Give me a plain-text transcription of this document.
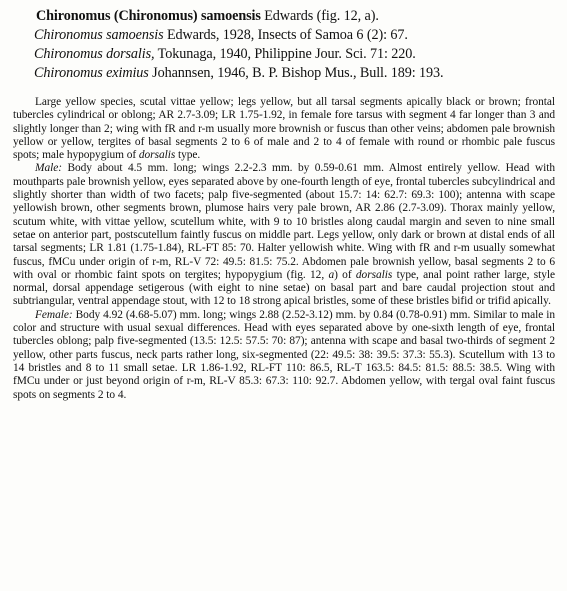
Chironomus (Chironomus) samoensis Edwards (fig. 12, a).
Chironomus samoensis Edwards, 1928, Insects of Samoa 6 (2): 67.
Chironomus dorsalis, Tokunaga, 1940, Philippine Jour. Sci. 71: 220.
Chironomus eximius Johannsen, 1946, B. P. Bishop Mus., Bull. 189: 193.

Large yellow species, scutal vittae yellow; legs yellow, but all tarsal segments apically black or brown; frontal tubercles cylindrical or oblong; AR 2.7-3.09; LR 1.75-1.92, in female fore tarsus with segment 4 far longer than 3 and slightly longer than 2; wing with fR and r-m usually more brownish or fuscus than other veins; abdomen pale brownish yellow or yellow, tergites of basal segments 2 to 6 of male and 2 to 4 of female with round or rhombic pale fuscus spots; male hypopygium of dorsalis type.

Male: Body about 4.5 mm. long; wings 2.2-2.3 mm. by 0.59-0.61 mm. Almost entirely yellow. Head with mouthparts pale brownish yellow, eyes separated above by one-fourth length of eye, frontal tubercles subcylindrical and slightly shorter than width of two facets; palp five-segmented (about 15.7: 14: 62.7: 69.3: 100); antenna with scape yellowish brown, other segments brown, plumose hairs very pale brown, AR 2.86 (2.7-3.09). Thorax mainly yellow, scutum white, with vittae yellow, scutellum white, with 9 to 10 bristles along caudal margin and seven to nine small setae on anterior part, postscutellum faintly fuscus on middle part. Legs yellow, only dark or brown at distal ends of all tarsal segments; LR 1.81 (1.75-1.84), RL-FT 85: 70. Halter yellowish white. Wing with fR and r-m usually somewhat fuscus, fMCu under origin of r-m, RL-V 72: 49.5: 81.5: 75.2. Abdomen pale brownish yellow, basal segments 2 to 6 with oval or rhombic faint spots on tergites; hypopygium (fig. 12, a) of dorsalis type, anal point rather large, style normal, dorsal appendage setigerous (with eight to nine setae) on basal part and bare caudal projection stout and subtriangular, ventral appendage stout, with 12 to 18 strong apical bristles, some of these bristles bifid or trifid apically.

Female: Body 4.92 (4.68-5.07) mm. long; wings 2.88 (2.52-3.12) mm. by 0.84 (0.78-0.91) mm. Similar to male in color and structure with usual sexual differences. Head with eyes separated above by one-sixth length of eye, frontal tubercles oblong; palp five-segmented (13.5: 12.5: 57.5: 70: 87); antenna with scape and basal two-thirds of segment 2 yellow, other parts fuscus, neck parts rather long, six-segmented (22: 49.5: 38: 39.5: 37.3: 55.3). Scutellum with 13 to 14 bristles and 8 to 11 small setae. LR 1.86-1.92, RL-FT 110: 86.5, RL-T 163.5: 84.5: 81.5: 88.5: 38.5. Wing with fMCu under or just beyond origin of r-m, RL-V 85.3: 67.3: 110: 92.7. Abdomen yellow, with tergal oval faint fuscus spots on segments 2 to 4.
